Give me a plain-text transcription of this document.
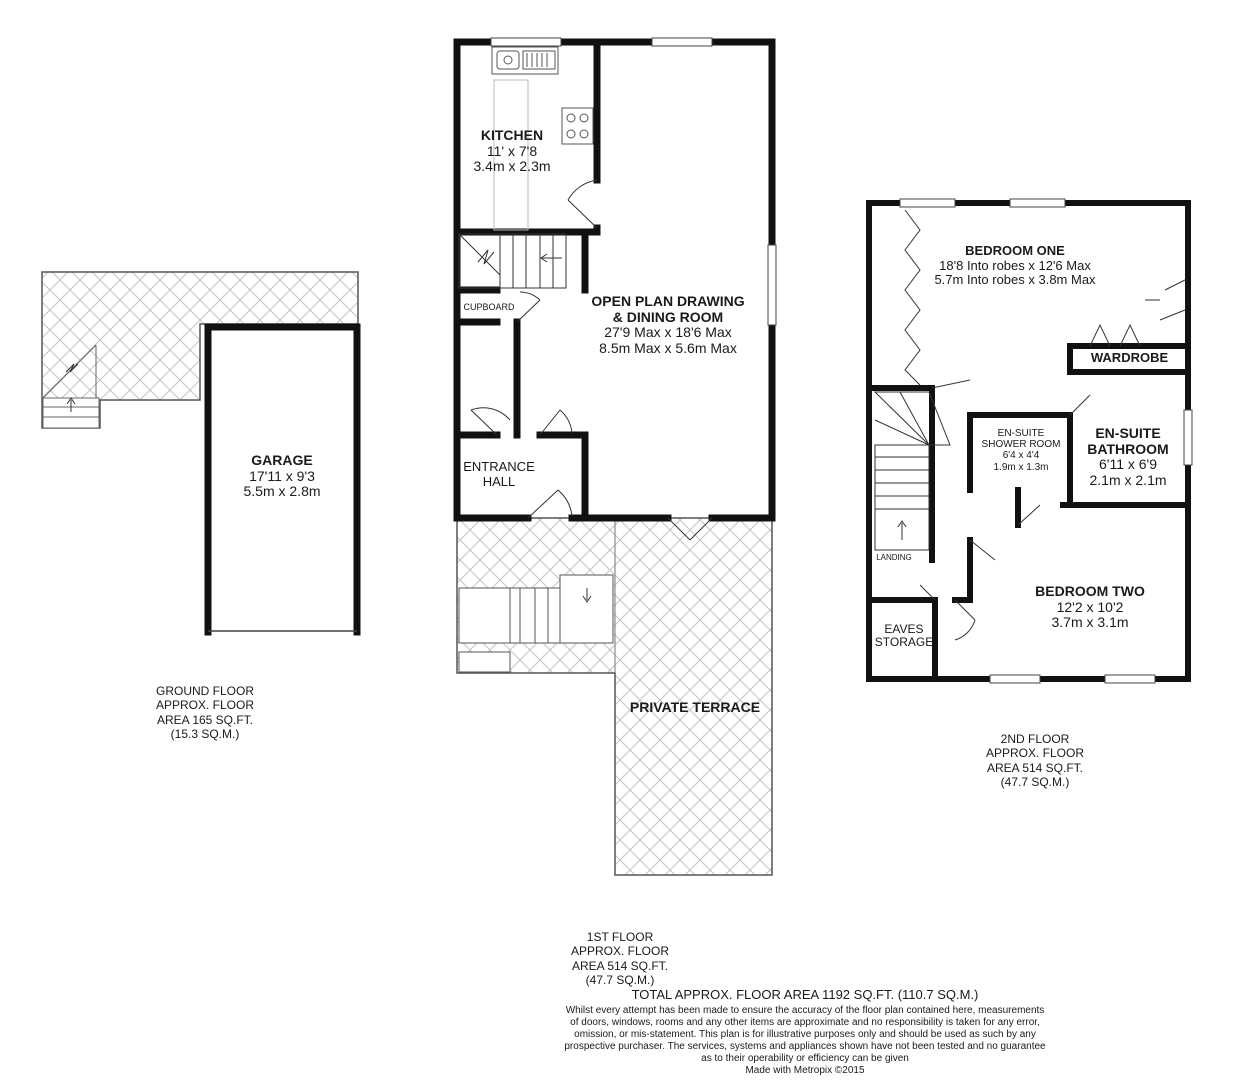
GARAGE
17'11 x 9'3
5.5m x 2.8m
GROUND FLOOR
APPROX. FLOOR
AREA 165 SQ.FT.
(15.3 SQ.M.)
KITCHEN
11' x 7'8
3.4m x 2.3m
CUPBOARD	OPEN PLAN DRAWING
& DINING ROOM
27'9 Max x 18'6 Max
8.5m Max x 5.6m Max
ENTRANCE
HALL
PRIVATE TERRACE
1ST FLOOR
APPROX. FLOOR
AREA 514 SQ.FT.
(47.7 SQ.M.)
BEDROOM ONE
18'8 Into robes x 12'6 Max
5.7m Into robes x 3.8m Max
WARDROBE
EN-SUITE
SHOWER ROOM
6'4 x 4'4
1.9m x 1.3m
EN-SUITE
BATHROOM
6'11 x 6'9
2.1m x 2.1m
LANDING
BEDROOM TWO
12'2 x 10'2
3.7m x 3.1m
EAVES
STORAGE
2ND FLOOR
APPROX. FLOOR
AREA 514 SQ.FT.
(47.7 SQ.M.)
TOTAL APPROX. FLOOR AREA 1192 SQ.FT. (110.7 SQ.M.)
Whilst every attempt has been made to ensure the accuracy of the floor plan contained here, measurements
of doors, windows, rooms and any other items are approximate and no responsibility is taken for any error,
omission, or mis-statement. This plan is for illustrative purposes only and should be used as such by any
prospective purchaser. The services, systems and appliances shown have not been tested and no guarantee
as to their operability or efficiency can be given
Made with Metropix ©2015
